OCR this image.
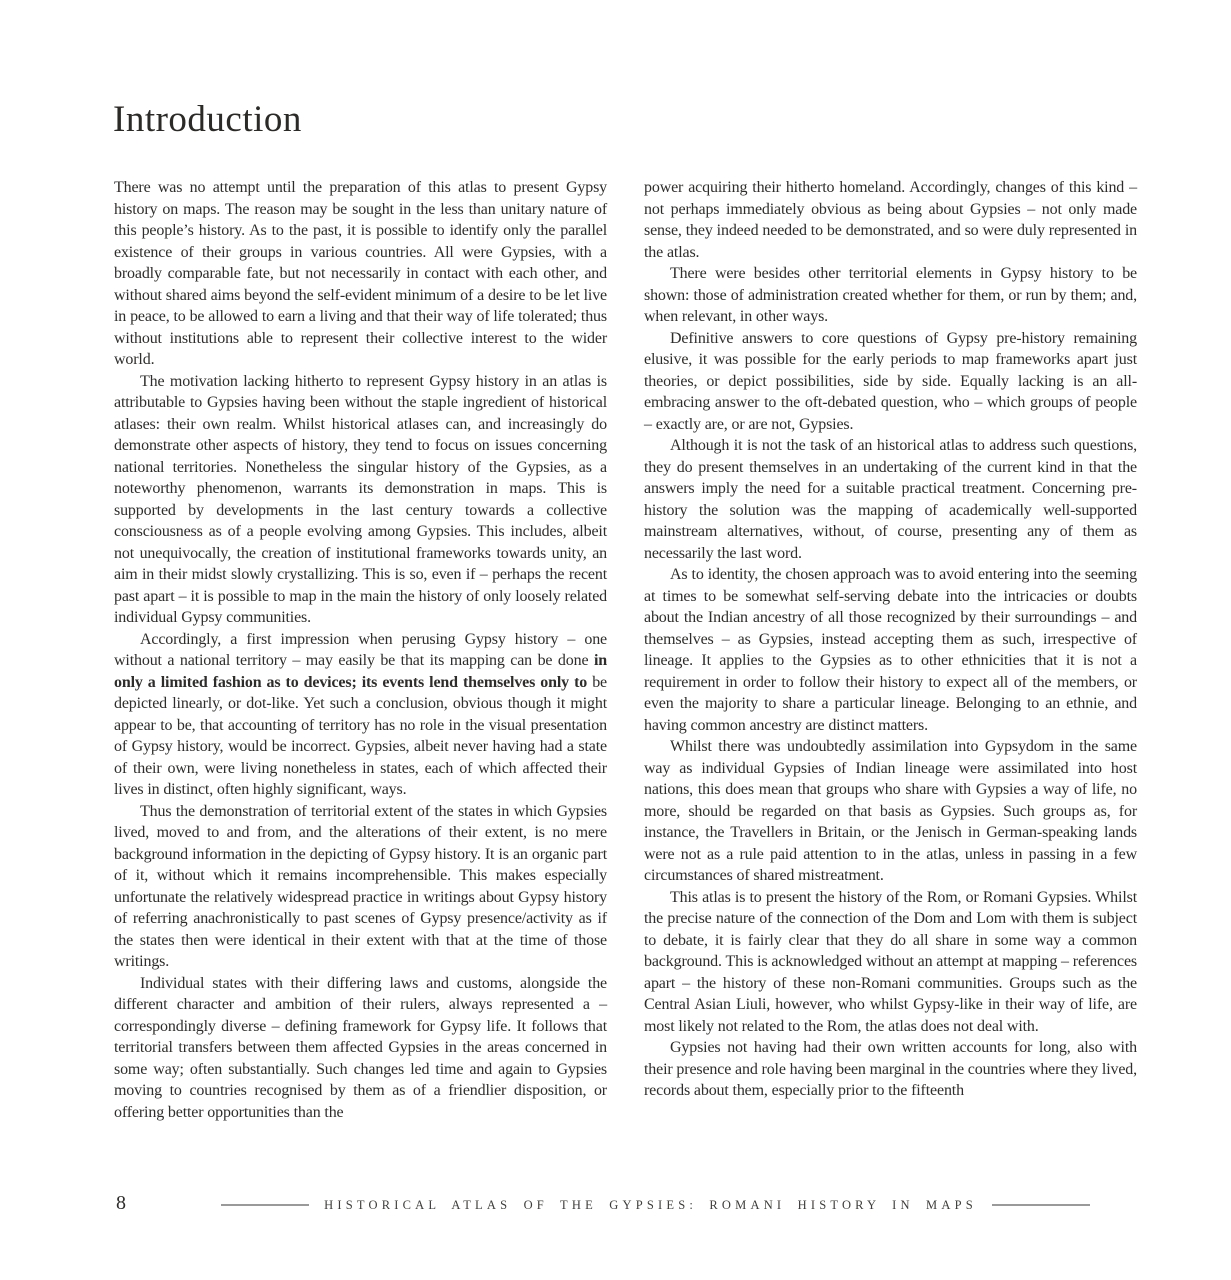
Introduction

There was no attempt until the preparation of this atlas to present Gypsy history on maps. The reason may be sought in the less than unitary nature of this people’s history. As to the past, it is possible to identify only the parallel existence of their groups in various countries. All were Gypsies, with a broadly comparable fate, but not necessarily in contact with each other, and without shared aims beyond the self-evident minimum of a desire to be let live in peace, to be allowed to earn a living and that their way of life tolerated; thus without institutions able to represent their collective interest to the wider world.

The motivation lacking hitherto to represent Gypsy history in an atlas is attributable to Gypsies having been without the staple ingredient of historical atlases: their own realm. Whilst historical atlases can, and increasingly do demonstrate other aspects of history, they tend to focus on issues concerning national territories. Nonetheless the singular history of the Gypsies, as a noteworthy phenomenon, warrants its demonstration in maps. This is supported by developments in the last century towards a collective consciousness as of a people evolving among Gypsies. This includes, albeit not unequivocally, the creation of institutional frameworks towards unity, an aim in their midst slowly crystallizing. This is so, even if – perhaps the recent past apart – it is possible to map in the main the history of only loosely related individual Gypsy communities.

Accordingly, a first impression when perusing Gypsy history – one without a national territory – may easily be that its mapping can be done in only a limited fashion as to devices; its events lend themselves only to be depicted linearly, or dot-like. Yet such a conclusion, obvious though it might appear to be, that accounting of territory has no role in the visual presentation of Gypsy history, would be incorrect. Gypsies, albeit never having had a state of their own, were living nonetheless in states, each of which affected their lives in distinct, often highly significant, ways.

Thus the demonstration of territorial extent of the states in which Gypsies lived, moved to and from, and the alterations of their extent, is no mere background information in the depicting of Gypsy history. It is an organic part of it, without which it remains incomprehensible. This makes especially unfortunate the relatively widespread practice in writings about Gypsy history of referring anachronistically to past scenes of Gypsy presence/activity as if the states then were identical in their extent with that at the time of those writings.

Individual states with their differing laws and customs, alongside the different character and ambition of their rulers, always represented a – correspondingly diverse – defining framework for Gypsy life. It follows that territorial transfers between them affected Gypsies in the areas concerned in some way; often substantially. Such changes led time and again to Gypsies moving to countries recognised by them as of a friendlier disposition, or offering better opportunities than the

power acquiring their hitherto homeland. Accordingly, changes of this kind – not perhaps immediately obvious as being about Gypsies – not only made sense, they indeed needed to be demonstrated, and so were duly represented in the atlas.

There were besides other territorial elements in Gypsy history to be shown: those of administration created whether for them, or run by them; and, when relevant, in other ways.

Definitive answers to core questions of Gypsy pre-history remaining elusive, it was possible for the early periods to map frameworks apart just theories, or depict possibilities, side by side. Equally lacking is an all-embracing answer to the oft-debated question, who – which groups of people – exactly are, or are not, Gypsies.

Although it is not the task of an historical atlas to address such questions, they do present themselves in an undertaking of the current kind in that the answers imply the need for a suitable practical treatment. Concerning pre-history the solution was the mapping of academically well-supported mainstream alternatives, without, of course, presenting any of them as necessarily the last word.

As to identity, the chosen approach was to avoid entering into the seeming at times to be somewhat self-serving debate into the intricacies or doubts about the Indian ancestry of all those recognized by their surroundings – and themselves – as Gypsies, instead accepting them as such, irrespective of lineage. It applies to the Gypsies as to other ethnicities that it is not a requirement in order to follow their history to expect all of the members, or even the majority to share a particular lineage. Belonging to an ethnie, and having common ancestry are distinct matters.

Whilst there was undoubtedly assimilation into Gypsydom in the same way as individual Gypsies of Indian lineage were assimilated into host nations, this does mean that groups who share with Gypsies a way of life, no more, should be regarded on that basis as Gypsies. Such groups as, for instance, the Travellers in Britain, or the Jenisch in German-speaking lands were not as a rule paid attention to in the atlas, unless in passing in a few circumstances of shared mistreatment.

This atlas is to present the history of the Rom, or Romani Gypsies. Whilst the precise nature of the connection of the Dom and Lom with them is subject to debate, it is fairly clear that they do all share in some way a common background. This is acknowledged without an attempt at mapping – references apart – the history of these non-Romani communities. Groups such as the Central Asian Liuli, however, who whilst Gypsy-like in their way of life, are most likely not related to the Rom, the atlas does not deal with.

Gypsies not having had their own written accounts for long, also with their presence and role having been marginal in the countries where they lived, records about them, especially prior to the fifteenth

8	HISTORICAL ATLAS OF THE GYPSIES: ROMANI HISTORY IN MAPS
